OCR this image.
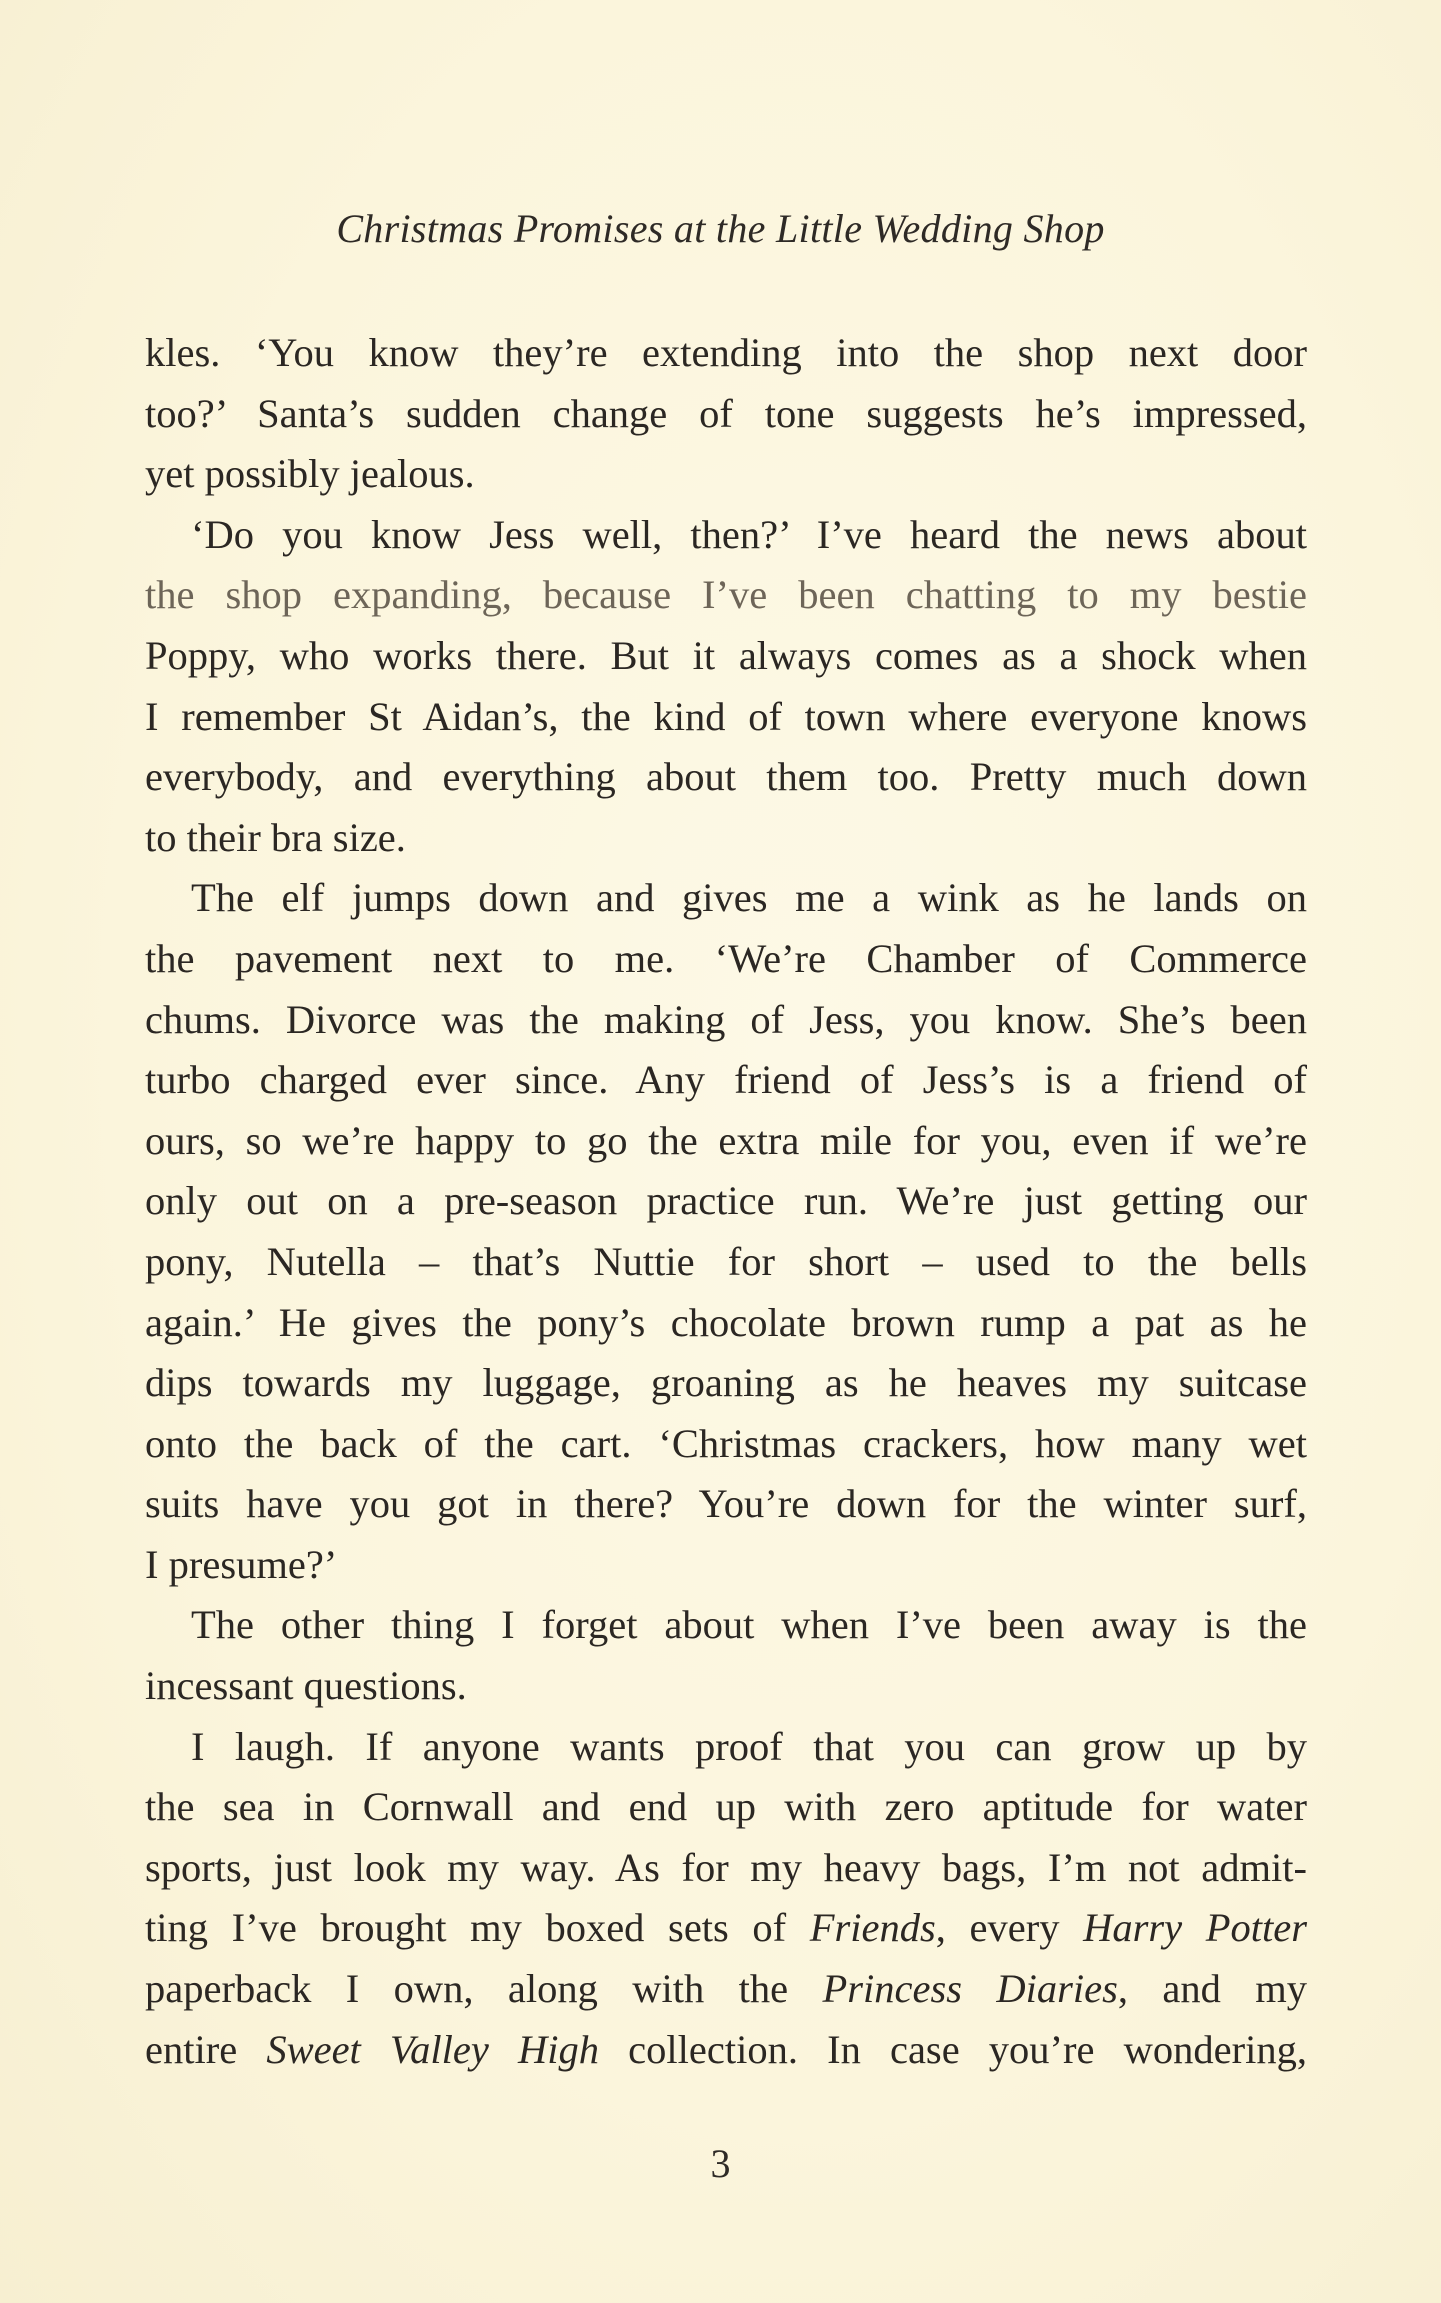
Christmas Promises at the Little Wedding Shop
kles. ‘You know they’re extending into the shop next door
too?’ Santa’s sudden change of tone suggests he’s impressed,
yet possibly jealous.
‘Do you know Jess well, then?’ I’ve heard the news about
the shop expanding, because I’ve been chatting to my bestie
Poppy, who works there. But it always comes as a shock when
I remember St Aidan’s, the kind of town where everyone knows
everybody, and everything about them too. Pretty much down
to their bra size.
The elf jumps down and gives me a wink as he lands on
the pavement next to me. ‘We’re Chamber of Commerce
chums. Divorce was the making of Jess, you know. She’s been
turbo charged ever since. Any friend of Jess’s is a friend of
ours, so we’re happy to go the extra mile for you, even if we’re
only out on a pre-season practice run. We’re just getting our
pony, Nutella – that’s Nuttie for short – used to the bells
again.’ He gives the pony’s chocolate brown rump a pat as he
dips towards my luggage, groaning as he heaves my suitcase
onto the back of the cart. ‘Christmas crackers, how many wet
suits have you got in there? You’re down for the winter surf,
I presume?’
The other thing I forget about when I’ve been away is the
incessant questions.
I laugh. If anyone wants proof that you can grow up by
the sea in Cornwall and end up with zero aptitude for water
sports, just look my way. As for my heavy bags, I’m not admit-
ting I’ve brought my boxed sets of Friends, every Harry Potter
paperback I own, along with the Princess Diaries, and my
entire Sweet Valley High collection. In case you’re wondering,
3
